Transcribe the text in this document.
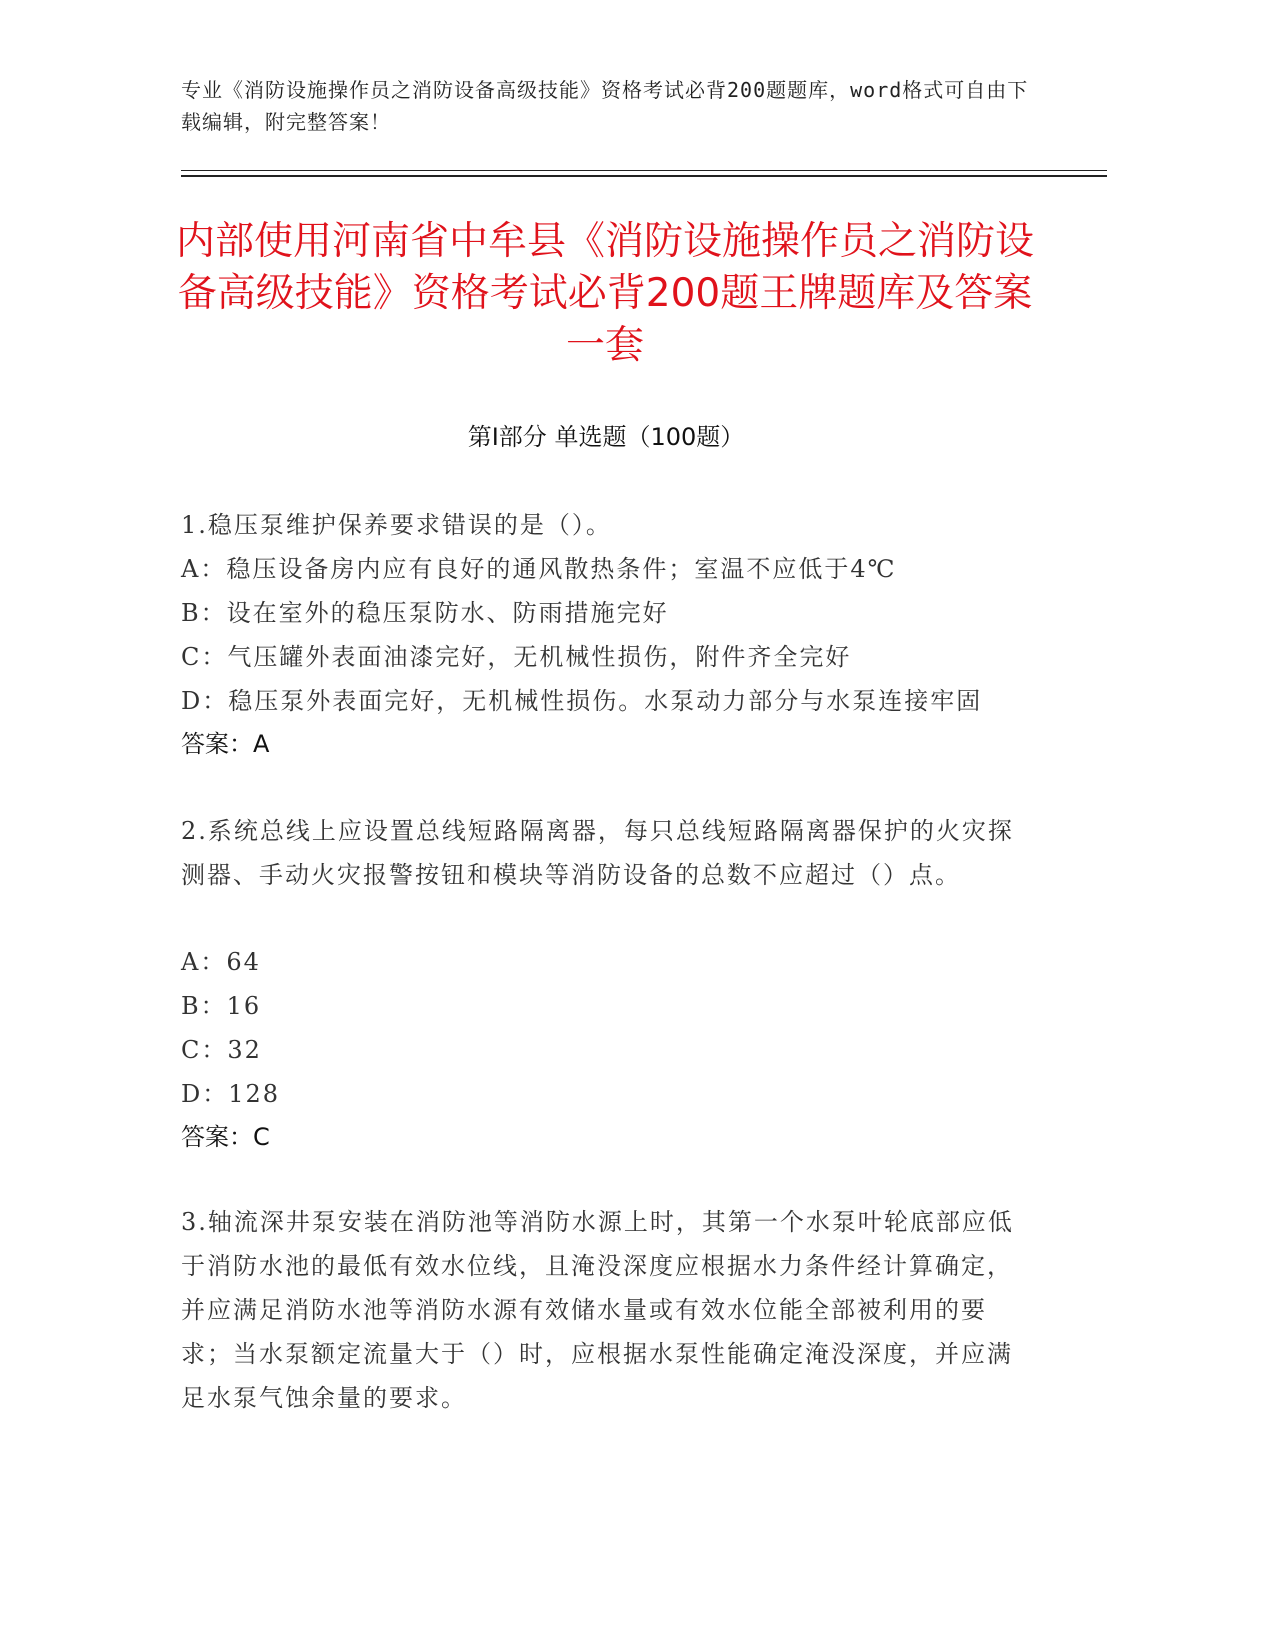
专业《消防设施操作员之消防设备高级技能》资格考试必背200题题库，word格式可自由下载编辑，附完整答案！
内部使用河南省中牟县《消防设施操作员之消防设备高级技能》资格考试必背200题王牌题库及答案一套
第Ⅰ部分 单选题（100题）
1.稳压泵维护保养要求错误的是（）。
A：稳压设备房内应有良好的通风散热条件；室温不应低于4℃
B：设在室外的稳压泵防水、防雨措施完好
C：气压罐外表面油漆完好，无机械性损伤，附件齐全完好
D：稳压泵外表面完好，无机械性损伤。水泵动力部分与水泵连接牢固
答案：A
2.系统总线上应设置总线短路隔离器，每只总线短路隔离器保护的火灾探测器、手动火灾报警按钮和模块等消防设备的总数不应超过（）点。
A：64
B：16
C：32
D：128
答案：C
3.轴流深井泵安装在消防池等消防水源上时，其第一个水泵叶轮底部应低于消防水池的最低有效水位线，且淹没深度应根据水力条件经计算确定，并应满足消防水池等消防水源有效储水量或有效水位能全部被利用的要求；当水泵额定流量大于（）时，应根据水泵性能确定淹没深度，并应满足水泵气蚀余量的要求。
